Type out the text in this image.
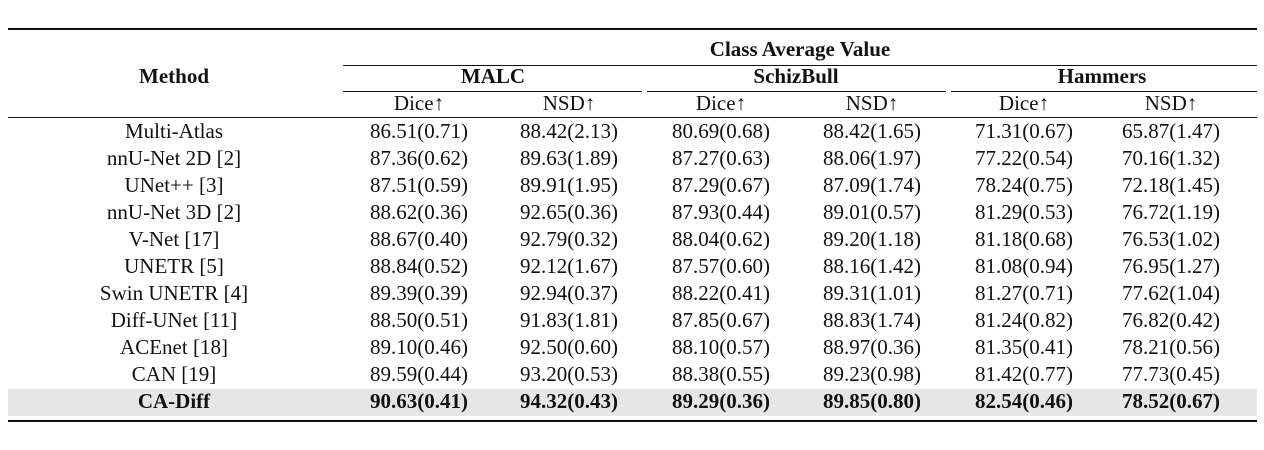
Method
Class Average Value
MALC	SchizBull	Hammers
Dice↑	NSD↑	Dice↑	NSD↑	Dice↑	NSD↑
Multi-Atlas	86.51(0.71) 88.42(2.13)	80.69(0.68)	88.42(1.65)	71.31(0.67) 65.87(1.47)
nnU-Net 2D [2]	87.36(0.62) 89.63(1.89)	87.27(0.63)	88.06(1.97)	77.22(0.54) 70.16(1.32)
UNet++ [3]	87.51(0.59) 89.91(1.95)	87.29(0.67)	87.09(1.74)	78.24(0.75) 72.18(1.45)
nnU-Net 3D [2]	88.62(0.36) 92.65(0.36)	87.93(0.44)	89.01(0.57)	81.29(0.53) 76.72(1.19)
V-Net [17]	88.67(0.40) 92.79(0.32)	88.04(0.62)	89.20(1.18)	81.18(0.68) 76.53(1.02)
UNETR [5]	88.84(0.52) 92.12(1.67)	87.57(0.60)	88.16(1.42)	81.08(0.94) 76.95(1.27)
Swin UNETR [4]	89.39(0.39) 92.94(0.37)	88.22(0.41)	89.31(1.01)	81.27(0.71) 77.62(1.04)
Diff-UNet [11]	88.50(0.51) 91.83(1.81)	87.85(0.67)	88.83(1.74)	81.24(0.82) 76.82(0.42)
ACEnet [18]	89.10(0.46) 92.50(0.60)	88.10(0.57)	88.97(0.36)	81.35(0.41) 78.21(0.56)
CAN [19]	89.59(0.44) 93.20(0.53)	88.38(0.55)	89.23(0.98)	81.42(0.77) 77.73(0.45)
CA-Diff	90.63(0.41) 94.32(0.43)	89.29(0.36)	89.85(0.80)	82.54(0.46) 78.52(0.67)
